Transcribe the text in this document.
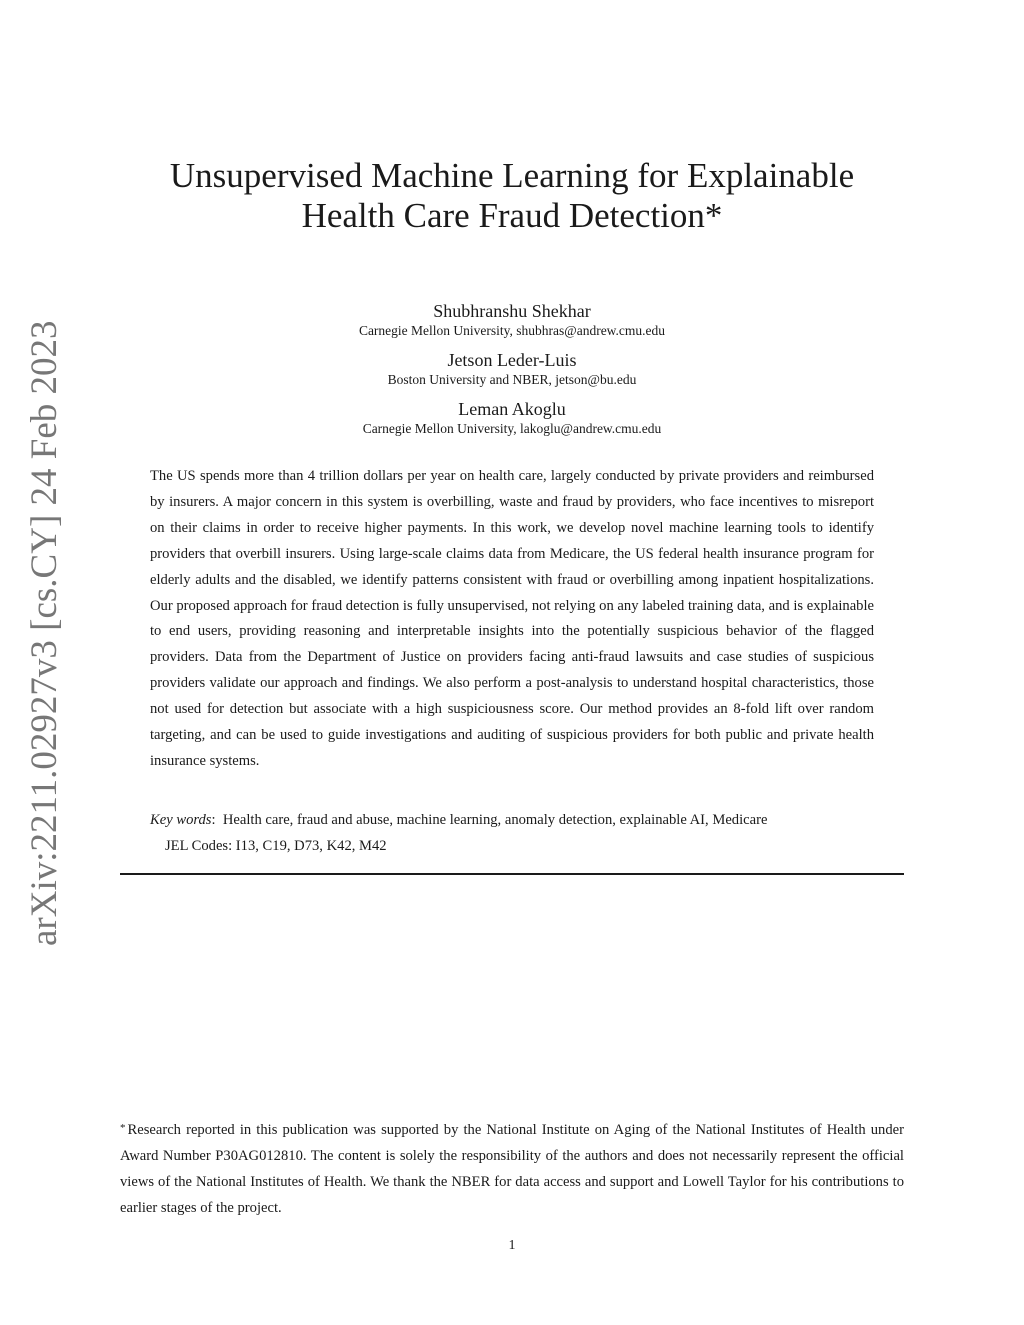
arXiv:2211.02927v3 [cs.CY] 24 Feb 2023
Unsupervised Machine Learning for Explainable
Health Care Fraud Detection*
Shubhranshu Shekhar
Carnegie Mellon University, shubhras@andrew.cmu.edu
Jetson Leder-Luis
Boston University and NBER, jetson@bu.edu
Leman Akoglu
Carnegie Mellon University, lakoglu@andrew.cmu.edu

The US spends more than 4 trillion dollars per year on health care, largely conducted by private providers and reimbursed by insurers. A major concern in this system is overbilling, waste and fraud by providers, who face incentives to misreport on their claims in order to receive higher payments. In this work, we develop novel machine learning tools to identify providers that overbill insurers. Using large-scale claims data from Medicare, the US federal health insurance program for elderly adults and the disabled, we identify patterns consistent with fraud or overbilling among inpatient hospitalizations. Our proposed approach for fraud detection is fully unsupervised, not relying on any labeled training data, and is explainable to end users, providing reasoning and interpretable insights into the potentially suspicious behavior of the flagged providers. Data from the Department of Justice on providers facing anti-fraud lawsuits and case studies of suspicious providers validate our approach and findings. We also perform a post-analysis to understand hospital characteristics, those not used for detection but associate with a high suspiciousness score. Our method provides an 8-fold lift over random targeting, and can be used to guide investigations and auditing of suspicious providers for both public and private health insurance systems.

Key words:  Health care, fraud and abuse, machine learning, anomaly detection, explainable AI, Medicare
JEL Codes: I13, C19, D73, K42, M42

* Research reported in this publication was supported by the National Institute on Aging of the National Institutes of Health under Award Number P30AG012810. The content is solely the responsibility of the authors and does not necessarily represent the official views of the National Institutes of Health. We thank the NBER for data access and support and Lowell Taylor for his contributions to earlier stages of the project.

1
